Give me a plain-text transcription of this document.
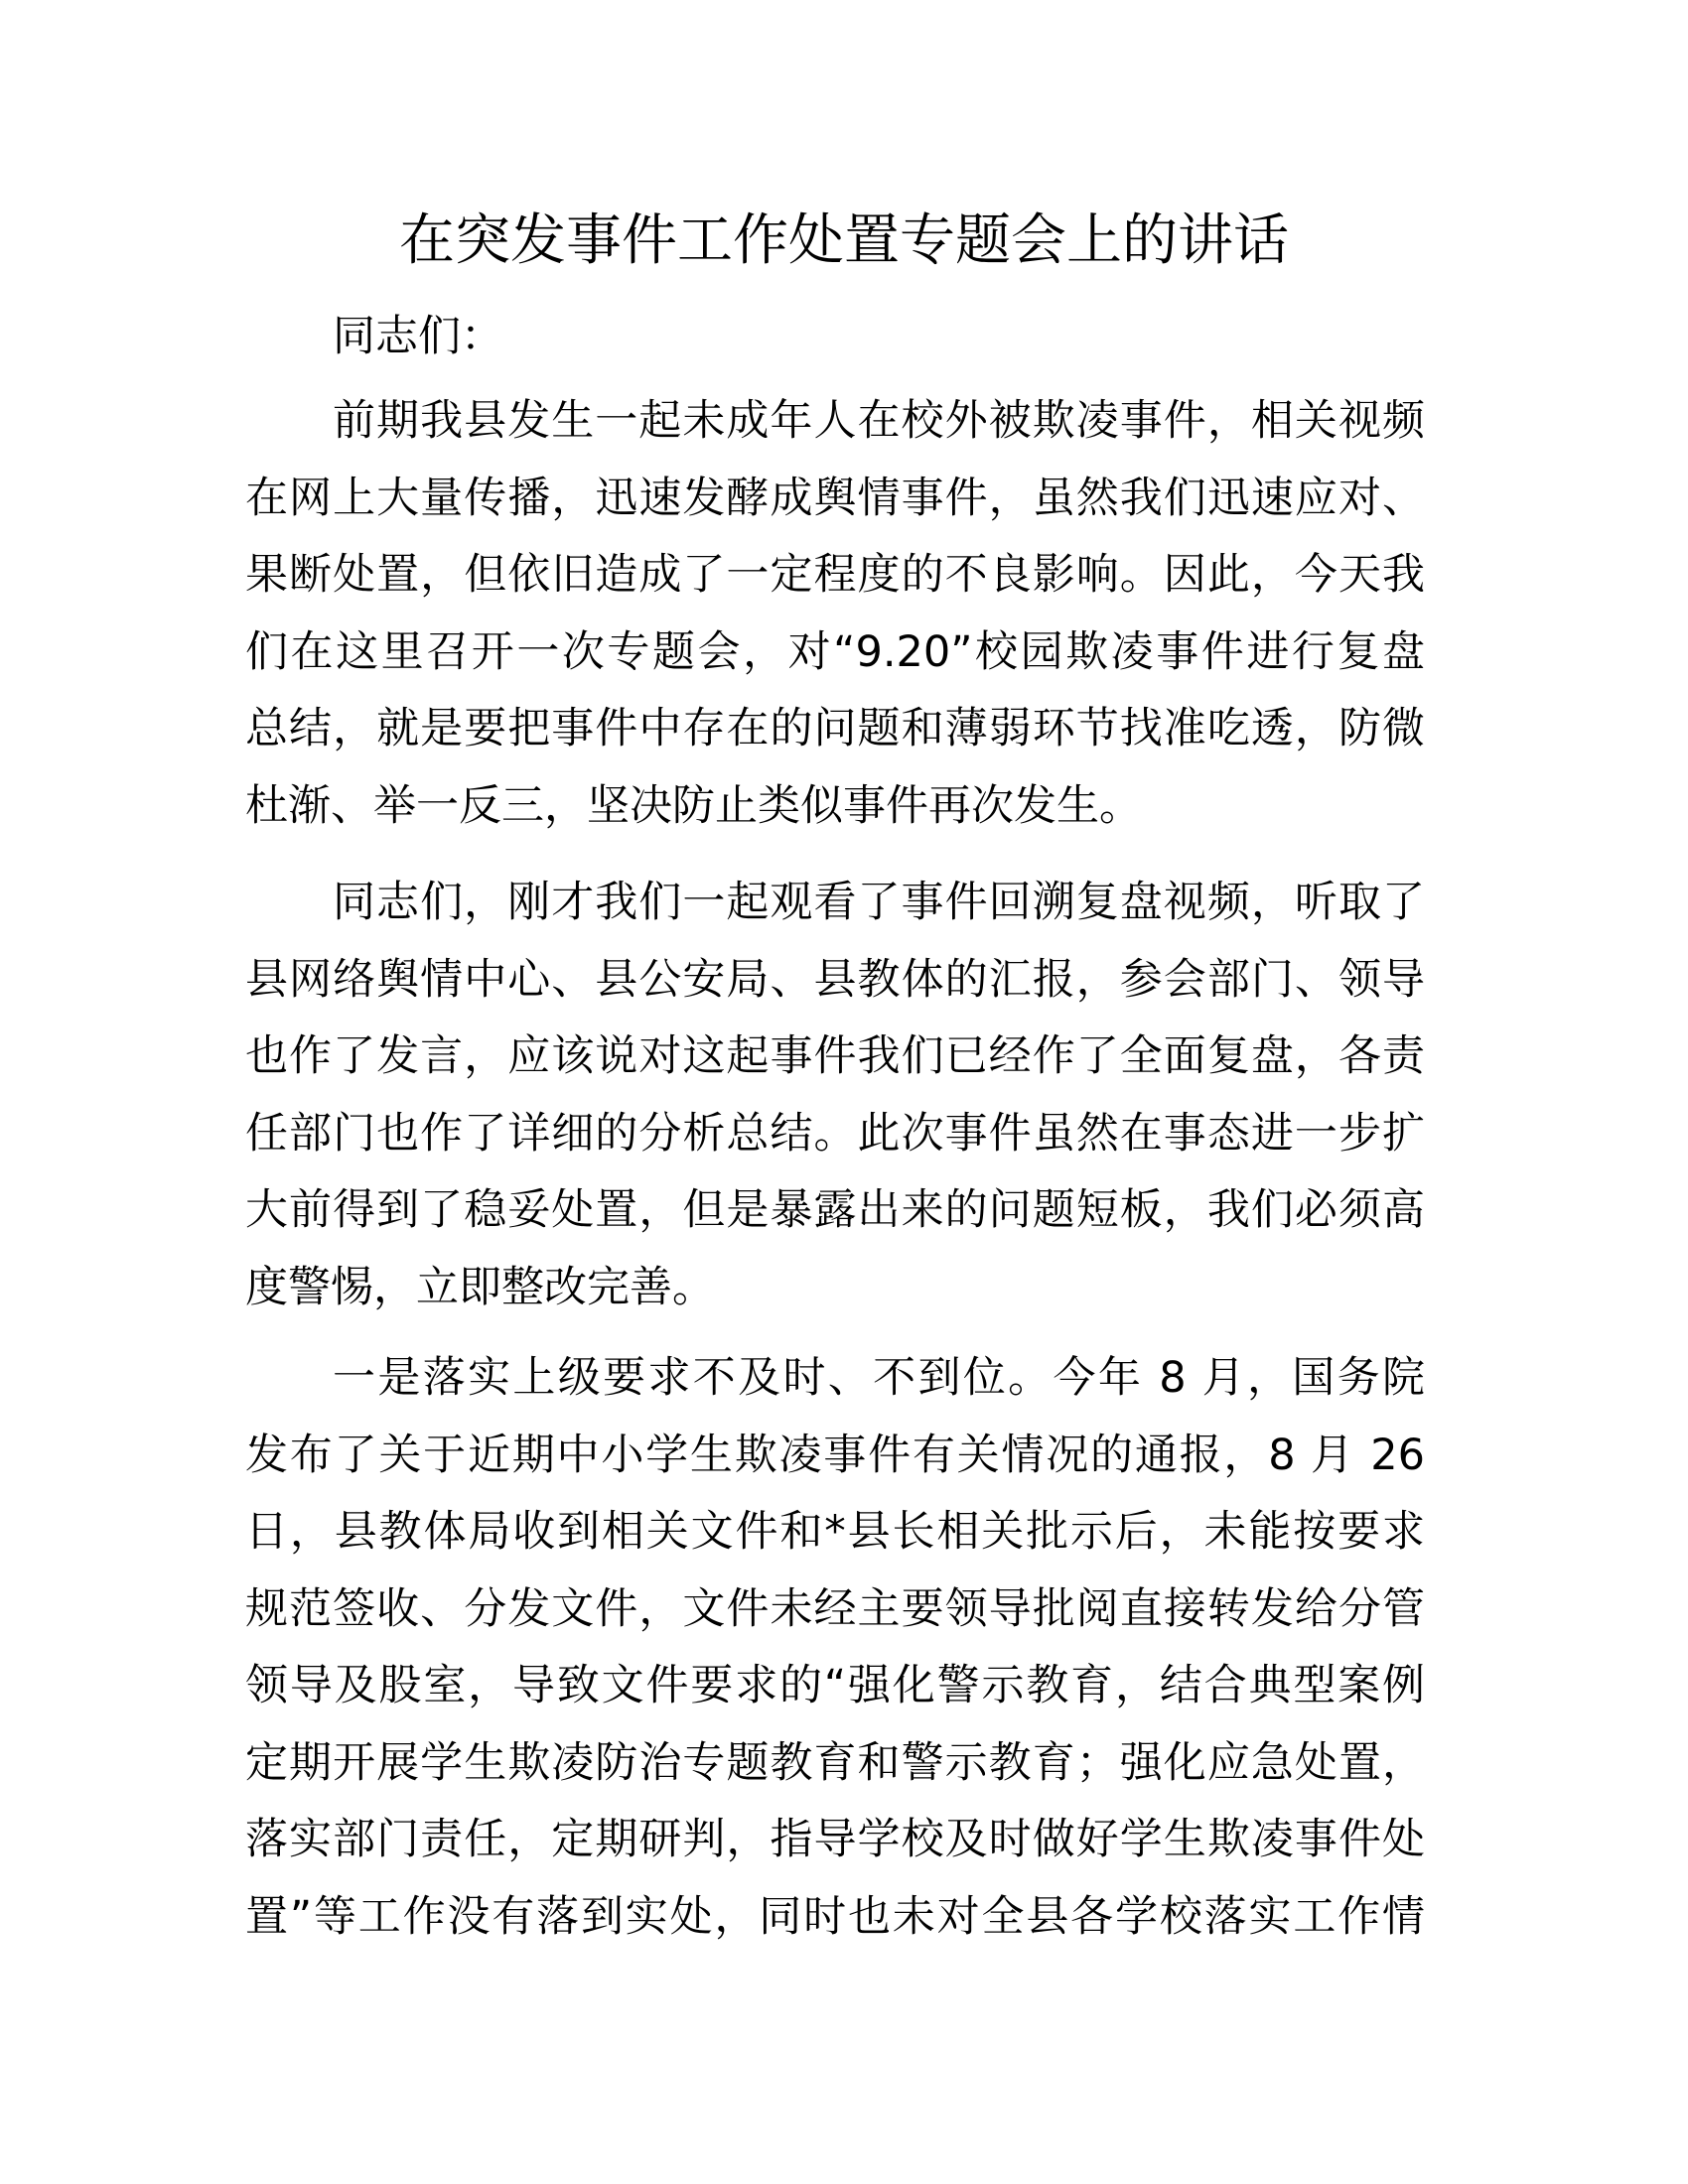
在突发事件工作处置专题会上的讲话
同志们：
前期我县发生一起未成年人在校外被欺凌事件，相关视频
在网上大量传播，迅速发酵成舆情事件，虽然我们迅速应对、
果断处置，但依旧造成了一定程度的不良影响。因此，今天我
们在这里召开一次专题会，对“9.20”校园欺凌事件进行复盘
总结，就是要把事件中存在的问题和薄弱环节找准吃透，防微
杜渐、举一反三，坚决防止类似事件再次发生。
同志们，刚才我们一起观看了事件回溯复盘视频，听取了
县网络舆情中心、县公安局、县教体的汇报，参会部门、领导
也作了发言，应该说对这起事件我们已经作了全面复盘，各责
任部门也作了详细的分析总结。此次事件虽然在事态进一步扩
大前得到了稳妥处置，但是暴露出来的问题短板，我们必须高
度警惕，立即整改完善。
一是落实上级要求不及时、不到位。今年 8 月，国务院
发布了关于近期中小学生欺凌事件有关情况的通报，8 月 26
日，县教体局收到相关文件和*县长相关批示后，未能按要求
规范签收、分发文件，文件未经主要领导批阅直接转发给分管
领导及股室，导致文件要求的“强化警示教育，结合典型案例
定期开展学生欺凌防治专题教育和警示教育；强化应急处置，
落实部门责任，定期研判，指导学校及时做好学生欺凌事件处
置”等工作没有落到实处，同时也未对全县各学校落实工作情
